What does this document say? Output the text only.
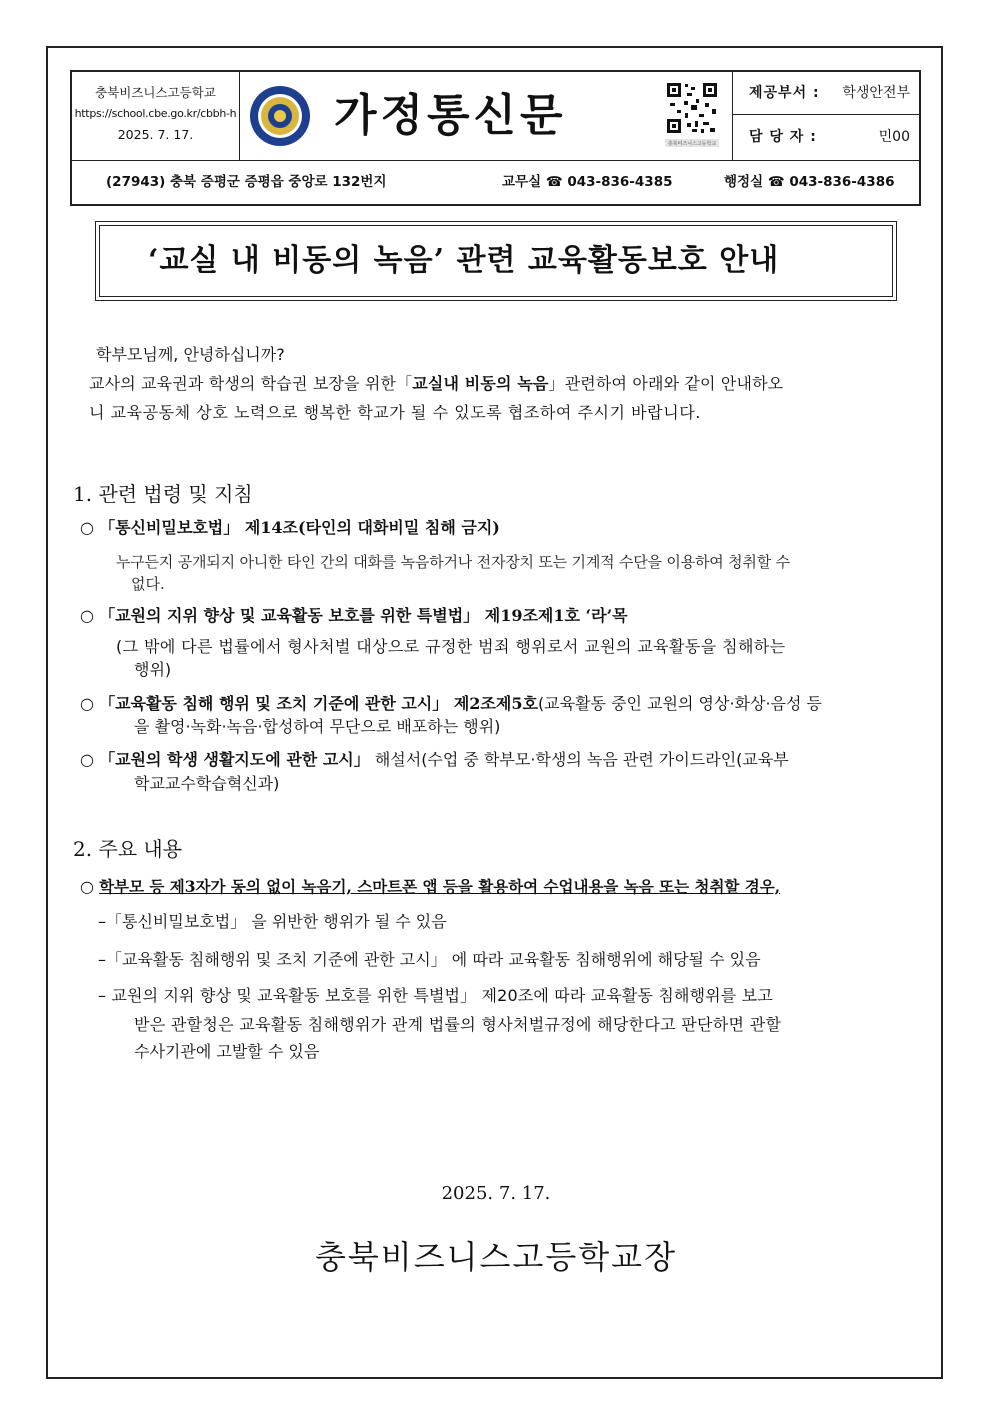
충북비즈니스고등학교
https://school.cbe.go.kr/cbbh-h
2025. 7. 17.	가정통신문
충북비즈니스고등학교
제공부서 : 학생안전부
담 당 자 :	민00
(27943) 충북 증평군 증평읍 중앙로 132번지	교무실 ☎ 043-836-4385	행정실 ☎ 043-836-4386
‘교실 내 비동의 녹음’ 관련 교육활동보호 안내
학부모님께, 안녕하십니까?
교사의 교육권과 학생의 학습권 보장을 위한「교실내 비동의 녹음」관련하여 아래와 같이 안내하오
니 교육공동체 상호 노력으로 행복한 학교가 될 수 있도록 협조하여 주시기 바랍니다.
1. 관련 법령 및 지침
○ 「통신비밀보호법」 제14조(타인의 대화비밀 침해 금지)
누구든지 공개되지 아니한 타인 간의 대화를 녹음하거나 전자장치 또는 기계적 수단을 이용하여 청취할 수
없다.
○ 「교원의 지위 향상 및 교육활동 보호를 위한 특별법」 제19조제1호 ‘라’목
(그 밖에 다른 법률에서 형사처벌 대상으로 규정한 범죄 행위로서 교원의 교육활동을 침해하는
행위)
○ 「교육활동 침해 행위 및 조치 기준에 관한 고시」 제2조제5호(교육활동 중인 교원의 영상·화상·음성 등
을 촬영·녹화·녹음·합성하여 무단으로 배포하는 행위)
○ 「교원의 학생 생활지도에 관한 고시」 해설서(수업 중 학부모·학생의 녹음 관련 가이드라인(교육부
학교교수학습혁신과)
2. 주요 내용
○ 학부모 등 제3자가 동의 없이 녹음기, 스마트폰 앱 등을 활용하여 수업내용을 녹음 또는 청취할 경우,
–「통신비밀보호법」 을 위반한 행위가 될 수 있음
–「교육활동 침해행위 및 조치 기준에 관한 고시」 에 따라 교육활동 침해행위에 해당될 수 있음
– 교원의 지위 향상 및 교육활동 보호를 위한 특별법」 제20조에 따라 교육활동 침해행위를 보고
받은 관할청은 교육활동 침해행위가 관계 법률의 형사처벌규정에 해당한다고 판단하면 관할
수사기관에 고발할 수 있음
2025. 7. 17.
충북비즈니스고등학교장
